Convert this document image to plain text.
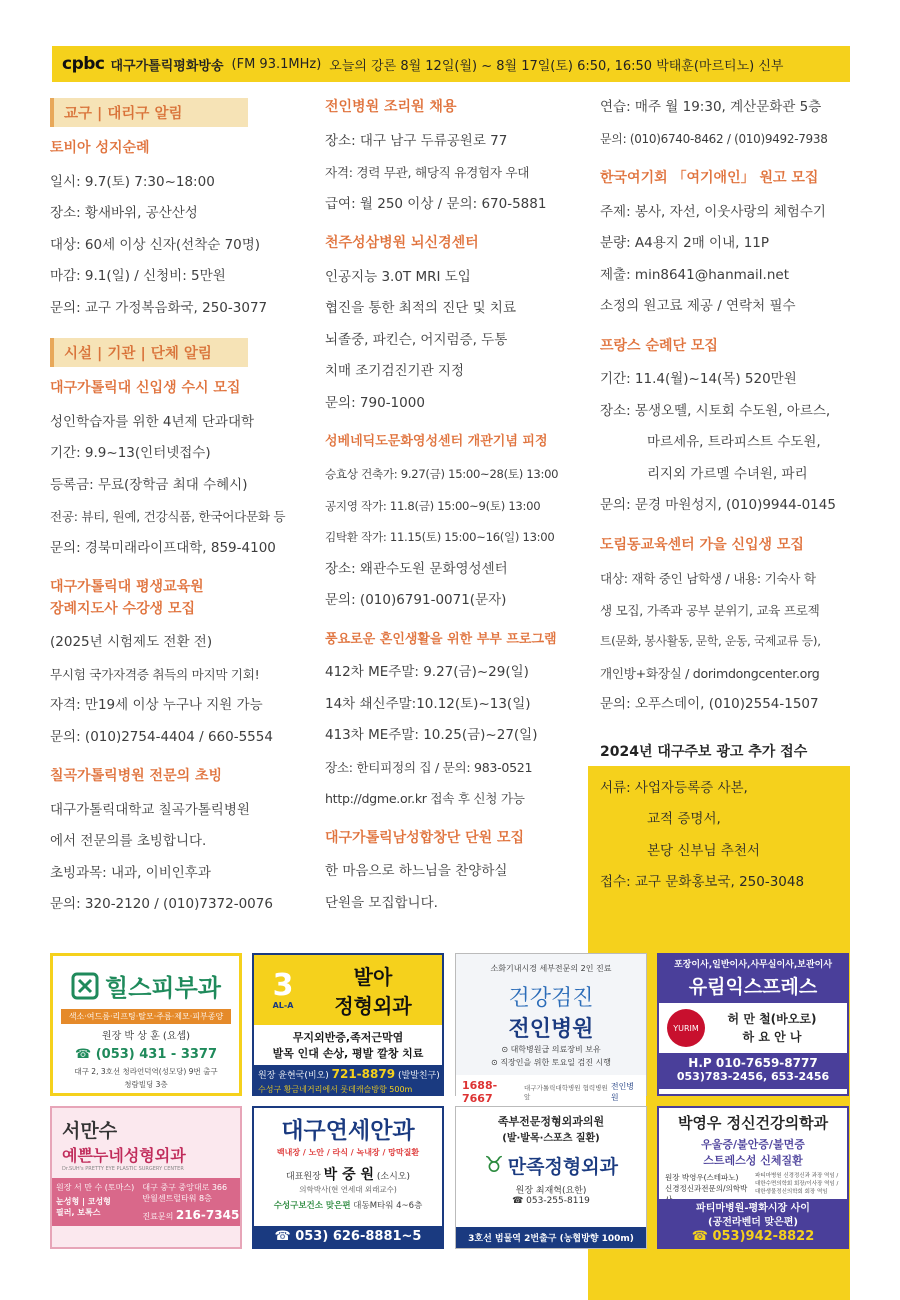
cpbc 대구가톨릭평화방송 (FM 93.1MHz) 오늘의 강론 8월 12일(월) ~ 8월 17일(토) 6:50, 16:50 박태훈(마르티노) 신부
교구 | 대리구 알림
토비아 성지순례
일시: 9.7(토) 7:30~18:00
장소: 황새바위, 공산산성
대상: 60세 이상 신자(선착순 70명)
마감: 9.1(일) / 신청비: 5만원
문의: 교구 가정복음화국, 250-3077
시설 | 기관 | 단체 알림
대구가톨릭대 신입생 수시 모집
성인학습자를 위한 4년제 단과대학
기간: 9.9~13(인터넷접수)
등록금: 무료(장학금 최대 수혜시)
전공: 뷰티, 원예, 건강식품, 한국어다문화 등
문의: 경북미래라이프대학, 859-4100
대구가톨릭대 평생교육원
장례지도사 수강생 모집
(2025년 시험제도 전환 전)
무시험 국가자격증 취득의 마지막 기회!
자격: 만19세 이상 누구나 지원 가능
문의: (010)2754-4404 / 660-5554
칠곡가톨릭병원 전문의 초빙
대구가톨릭대학교 칠곡가톨릭병원
에서 전문의를 초빙합니다.
초빙과목: 내과, 이비인후과
문의: 320-2120 / (010)7372-0076
전인병원 조리원 채용
장소: 대구 남구 두류공원로 77
자격: 경력 무관, 해당직 유경험자 우대
급여: 월 250 이상 / 문의: 670-5881
천주성삼병원 뇌신경센터
인공지능 3.0T MRI 도입
협진을 통한 최적의 진단 및 치료
뇌졸중, 파킨슨, 어지럼증, 두통
치매 조기검진기관 지정
문의: 790-1000
성베네딕도문화영성센터 개관기념 피정
승효상 건축가: 9.27(금) 15:00~28(토) 13:00
공지영 작가: 11.8(금) 15:00~9(토) 13:00
김탁환 작가: 11.15(토) 15:00~16(일) 13:00
장소: 왜관수도원 문화영성센터
문의: (010)6791-0071(문자)
풍요로운 혼인생활을 위한 부부 프로그램
412차 ME주말: 9.27(금)~29(일)
14차 쇄신주말:10.12(토)~13(일)
413차 ME주말: 10.25(금)~27(일)
장소: 한티피정의 집 / 문의: 983-0521
http://dgme.or.kr 접속 후 신청 가능
대구가톨릭남성합창단 단원 모집
한 마음으로 하느님을 찬양하실
단원을 모집합니다.
연습: 매주 월 19:30, 계산문화관 5층
문의: (010)6740-8462 / (010)9492-7938
한국여기회 「여기애인」 원고 모집
주제: 봉사, 자선, 이웃사랑의 체험수기
분량: A4용지 2매 이내, 11P
제출: min8641@hanmail.net
소정의 원고료 제공 / 연락처 필수
프랑스 순례단 모집
기간: 11.4(월)~14(목) 520만원
장소: 몽생오뗄, 시토회 수도원, 아르스,
마르세유, 트라피스트 수도원,
리지외 가르멜 수녀원, 파리
문의: 문경 마원성지, (010)9944-0145
도림동교육센터 가을 신입생 모집
대상: 재학 중인 남학생 / 내용: 기숙사 학
생 모집, 가족과 공부 분위기, 교육 프로젝
트(문화, 봉사활동, 문학, 운동, 국제교류 등),
개인방+화장실 / dorimdongcenter.org
문의: 오푸스데이, (010)2554-1507
2024년 대구주보 광고 추가 접수
서류: 사업자등록증 사본,
교적 증명서,
본당 신부님 추천서
접수: 교구 문화홍보국, 250-3048
힐스피부과
색소·여드름·리프팅·탈모·주름·제모·피부종양
원장 박 상 훈 (요셉)
☎ (053) 431 - 3377
대구 2, 3호선 청라언덕역(성모당) 9번 출구
청람빌딩 3층
3
AL-A
발아
정형외과
무지외반증,족저근막염
발목 인대 손상, 평발 깔창 치료
원장 윤현국(비오) 721-8879 (발발친구)
수성구 황금네거리에서 롯데캐슬방향 500m
소화기내시경 세부전문의 2인 진료
건강검진
전인병원
⊙ 대학병원급 의료장비 보유
⊙ 직장인을 위한 토요일 검진 시행
1688-7667
대구가톨릭대학병원 협력병원 앞
전인병원
포장이사,일반이사,사무실이사,보관이사
유림익스프레스
YURIM
허 만 철(바오로)
하 요 안 나
H.P 010-7659-8777
053)783-2456, 653-2456
서만수
예쁜누네성형외과
Dr.SUH's PRETTY EYE PLASTIC SURGERY CENTER
원장 서 만 수 (토마스)
눈성형 | 코성형
필러, 보톡스
대구 중구 중앙대로 366 반월센트럴타워 8층
진료문의 216-7345
대구연세안과
백내장 / 노안 / 라식 / 녹내장 / 망막질환
대표원장 박 중 원 (소시오)
의학박사(현 연세대 외래교수)
수성구보건소 맞은편 대동M타워 4~6층
☎ 053) 626-8881~5
족부전문정형외과의원
(발·발목·스포츠 질환)
♉ 만족정형외과
원장 최재혁(요한)
☎ 053-255-8119
3호선 범물역 2번출구 (농협방향 100m)
박영우 정신건강의학과
우울증/불안증/불면증
스트레스성 신체질환
원장 박영우(스테파노)
신경정신과전문의/의학박
파티마병원 신경정신과 과장 역임 / 대한수면의학회 회장/이사장 역임 / 대한생물정신의학회 회장 역임
파티마병원-평화시장 사이
(공전라벤더 맞은편)
☎ 053)942-8822
